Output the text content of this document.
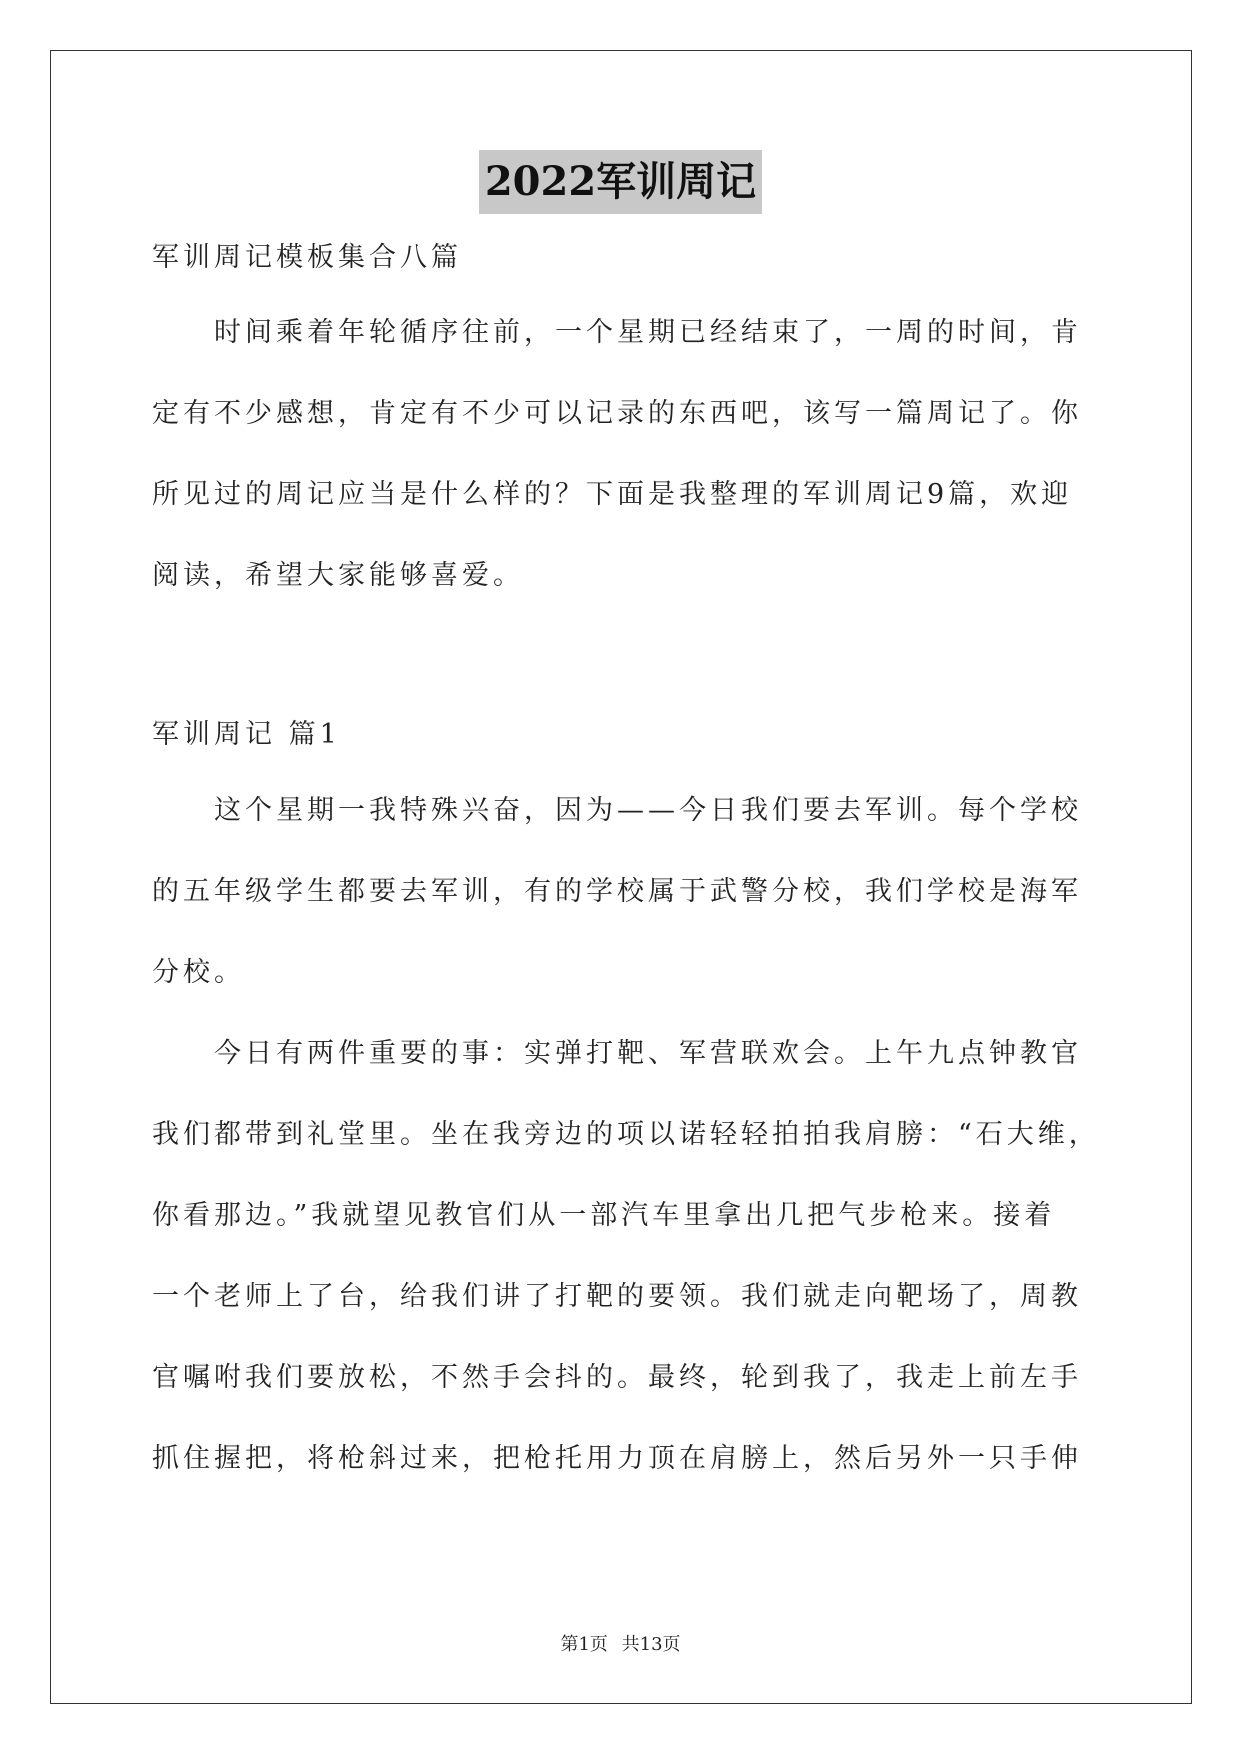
2022军训周记
军训周记模板集合八篇
　　时间乘着年轮循序往前，一个星期已经结束了，一周的时间，肯
定有不少感想，肯定有不少可以记录的东西吧，该写一篇周记了。你
所见过的周记应当是什么样的？下面是我整理的军训周记9篇，欢迎
阅读，希望大家能够喜爱。
军训周记 篇1
　　这个星期一我特殊兴奋，因为——今日我们要去军训。每个学校
的五年级学生都要去军训，有的学校属于武警分校，我们学校是海军
分校。
　　今日有两件重要的事：实弹打靶、军营联欢会。上午九点钟教官
我们都带到礼堂里。坐在我旁边的项以诺轻轻拍拍我肩膀：“石大维，
你看那边。”我就望见教官们从一部汽车里拿出几把气步枪来。接着
一个老师上了台，给我们讲了打靶的要领。我们就走向靶场了，周教
官嘱咐我们要放松，不然手会抖的。最终，轮到我了，我走上前左手
抓住握把，将枪斜过来，把枪托用力顶在肩膀上，然后另外一只手伸
第1页 共13页
